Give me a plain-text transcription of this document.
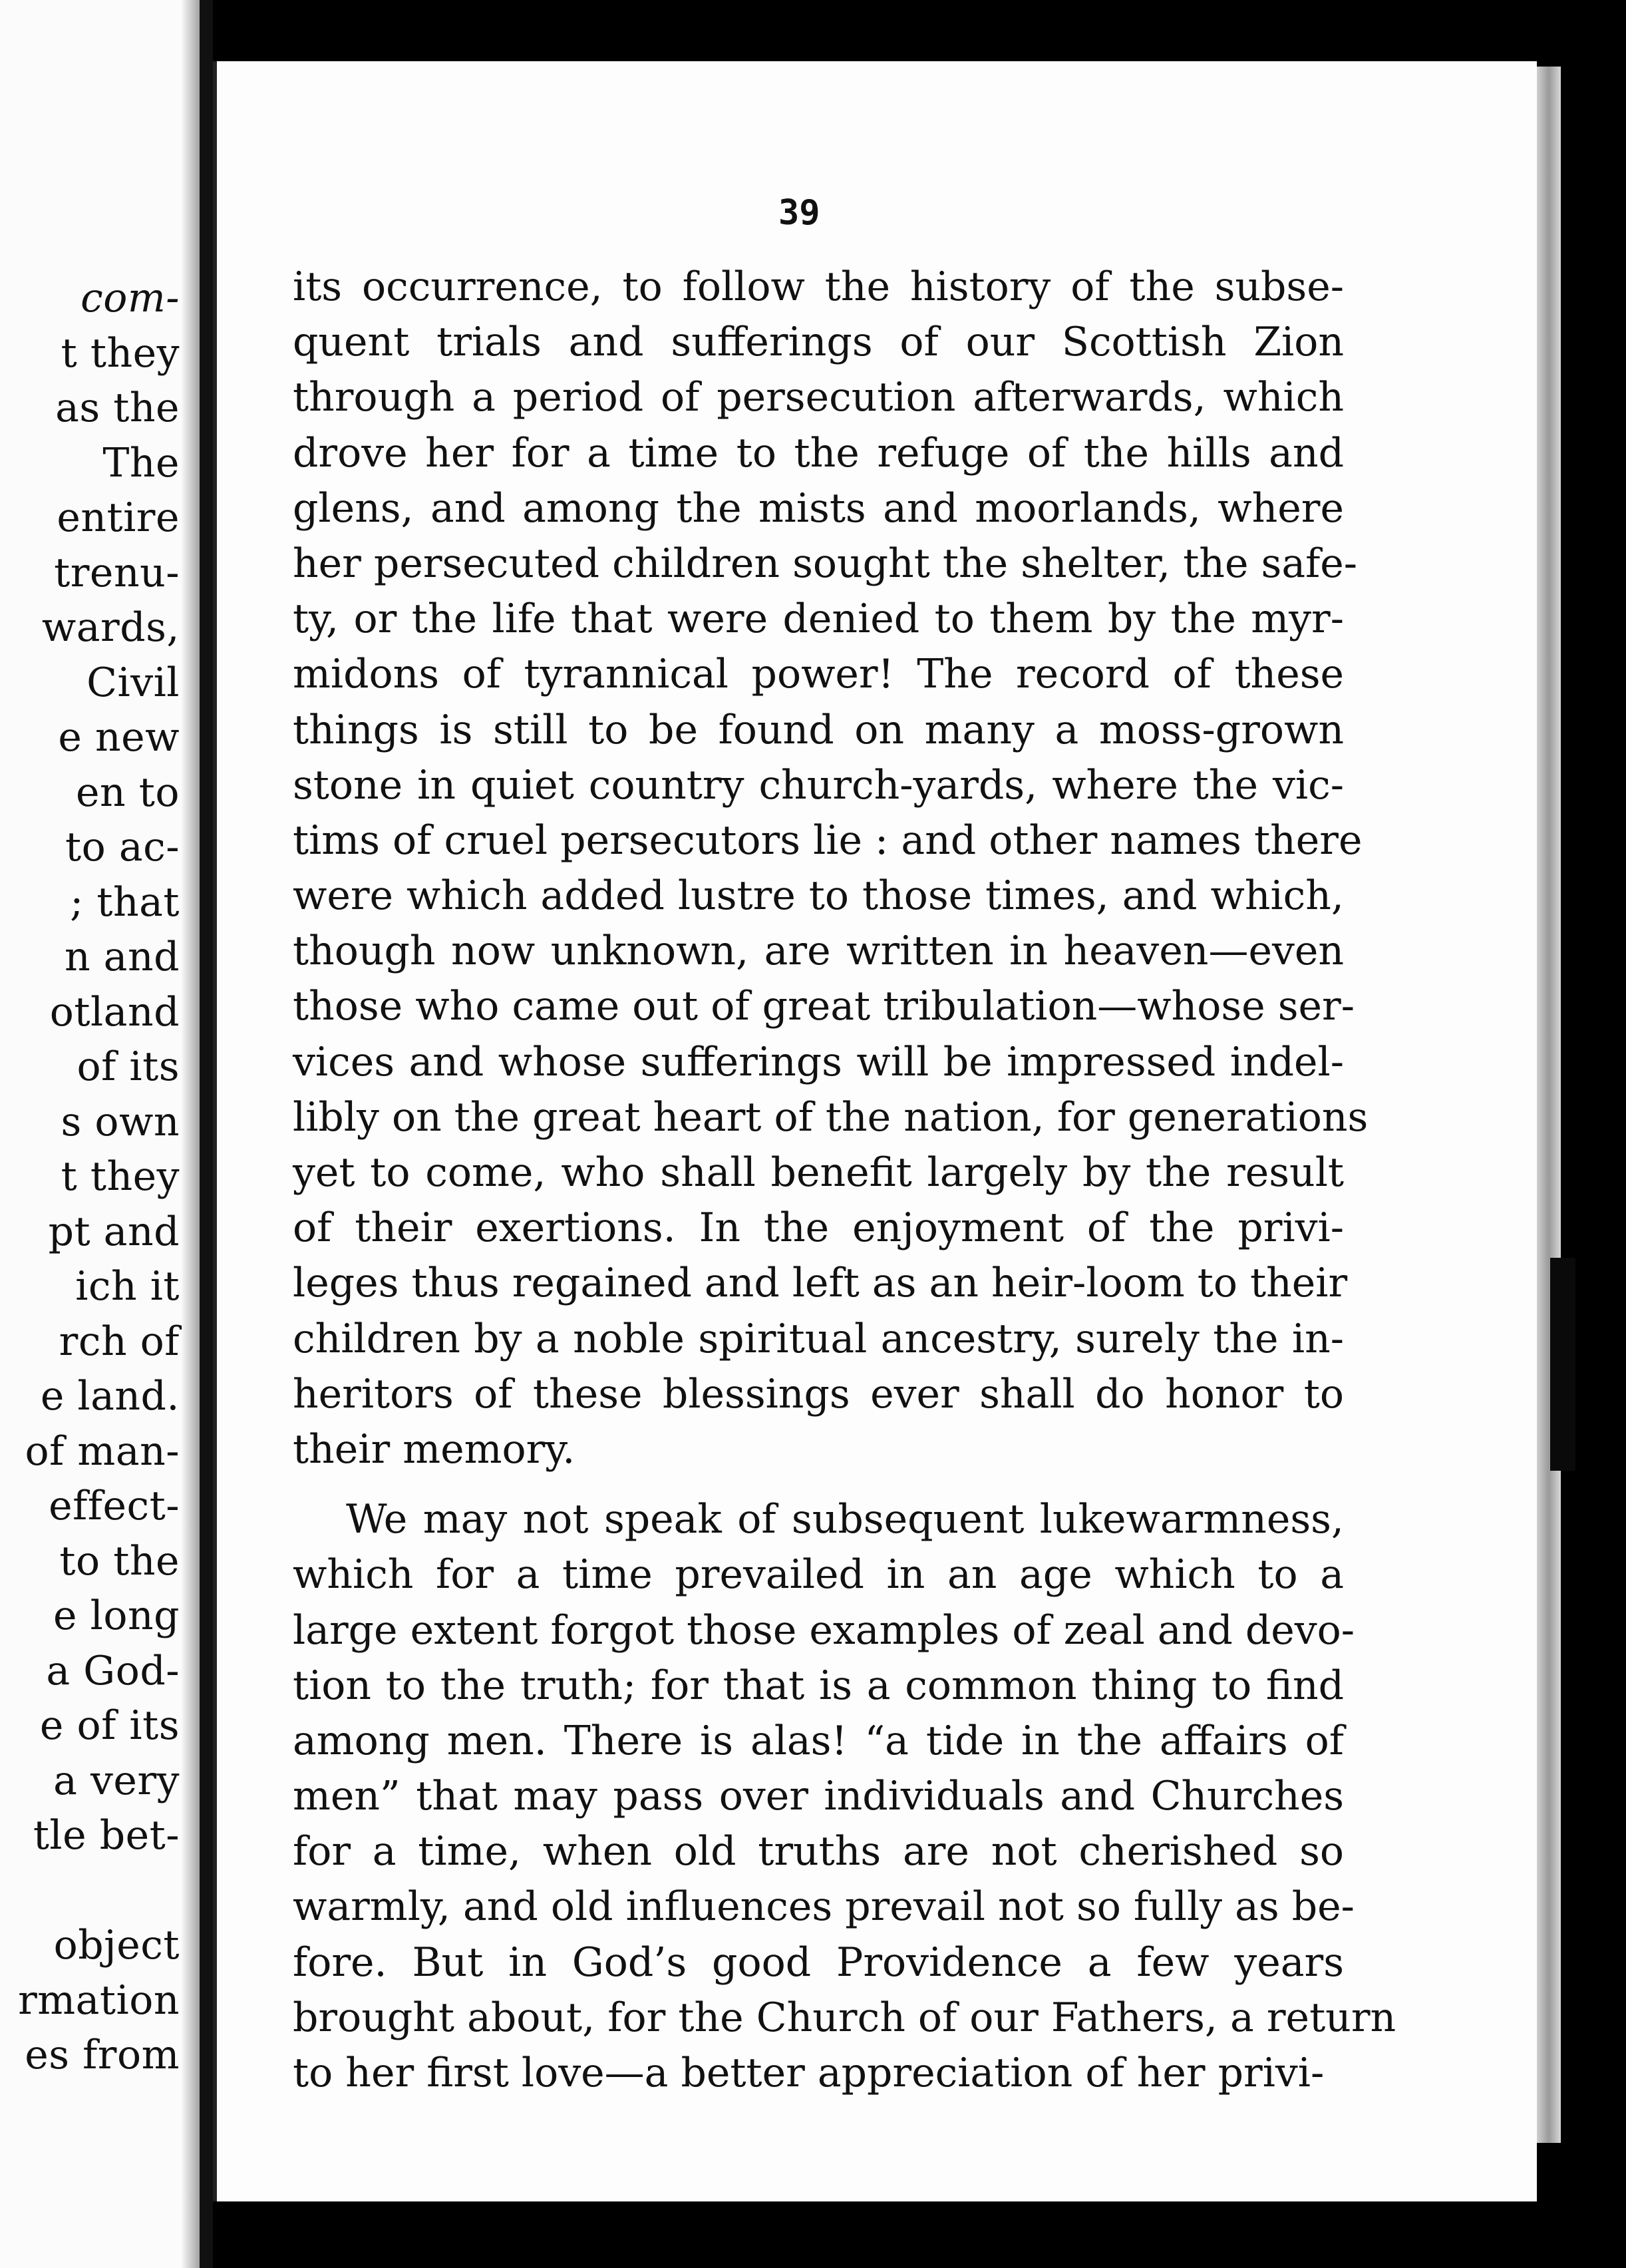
com-
t they
as the
The
entire
trenu-
wards,
Civil
e new
en to
to ac-
; that
n and
otland
of its
s own
t they
pt and
ich it
rch of
e land.
of man-
effect-
to the
e long
a God-
e of its
a very
tle bet-
object
rmation
es from
39
its occurrence, to follow the history of the subse-
quent trials and sufferings of our Scottish Zion
through a period of persecution afterwards, which
drove her for a time to the refuge of the hills and
glens, and among the mists and moorlands, where
her persecuted children sought the shelter, the safe-
ty, or the life that were denied to them by the myr-
midons of tyrannical power! The record of these
things is still to be found on many a moss-grown
stone in quiet country church-yards, where the vic-
tims of cruel persecutors lie : and other names there
were which added lustre to those times, and which,
though now unknown, are written in heaven—even
those who came out of great tribulation—whose ser-
vices and whose sufferings will be impressed indel-
libly on the great heart of the nation, for generations
yet to come, who shall benefit largely by the result
of their exertions. In the enjoyment of the privi-
leges thus regained and left as an heir-loom to their
children by a noble spiritual ancestry, surely the in-
heritors of these blessings ever shall do honor to
their memory.
We may not speak of subsequent lukewarmness,
which for a time prevailed in an age which to a
large extent forgot those examples of zeal and devo-
tion to the truth; for that is a common thing to find
among men. There is alas! “a tide in the affairs of
men” that may pass over individuals and Churches
for a time, when old truths are not cherished so
warmly, and old influences prevail not so fully as be-
fore. But in God’s good Providence a few years
brought about, for the Church of our Fathers, a return
to her first love—a better appreciation of her privi-
